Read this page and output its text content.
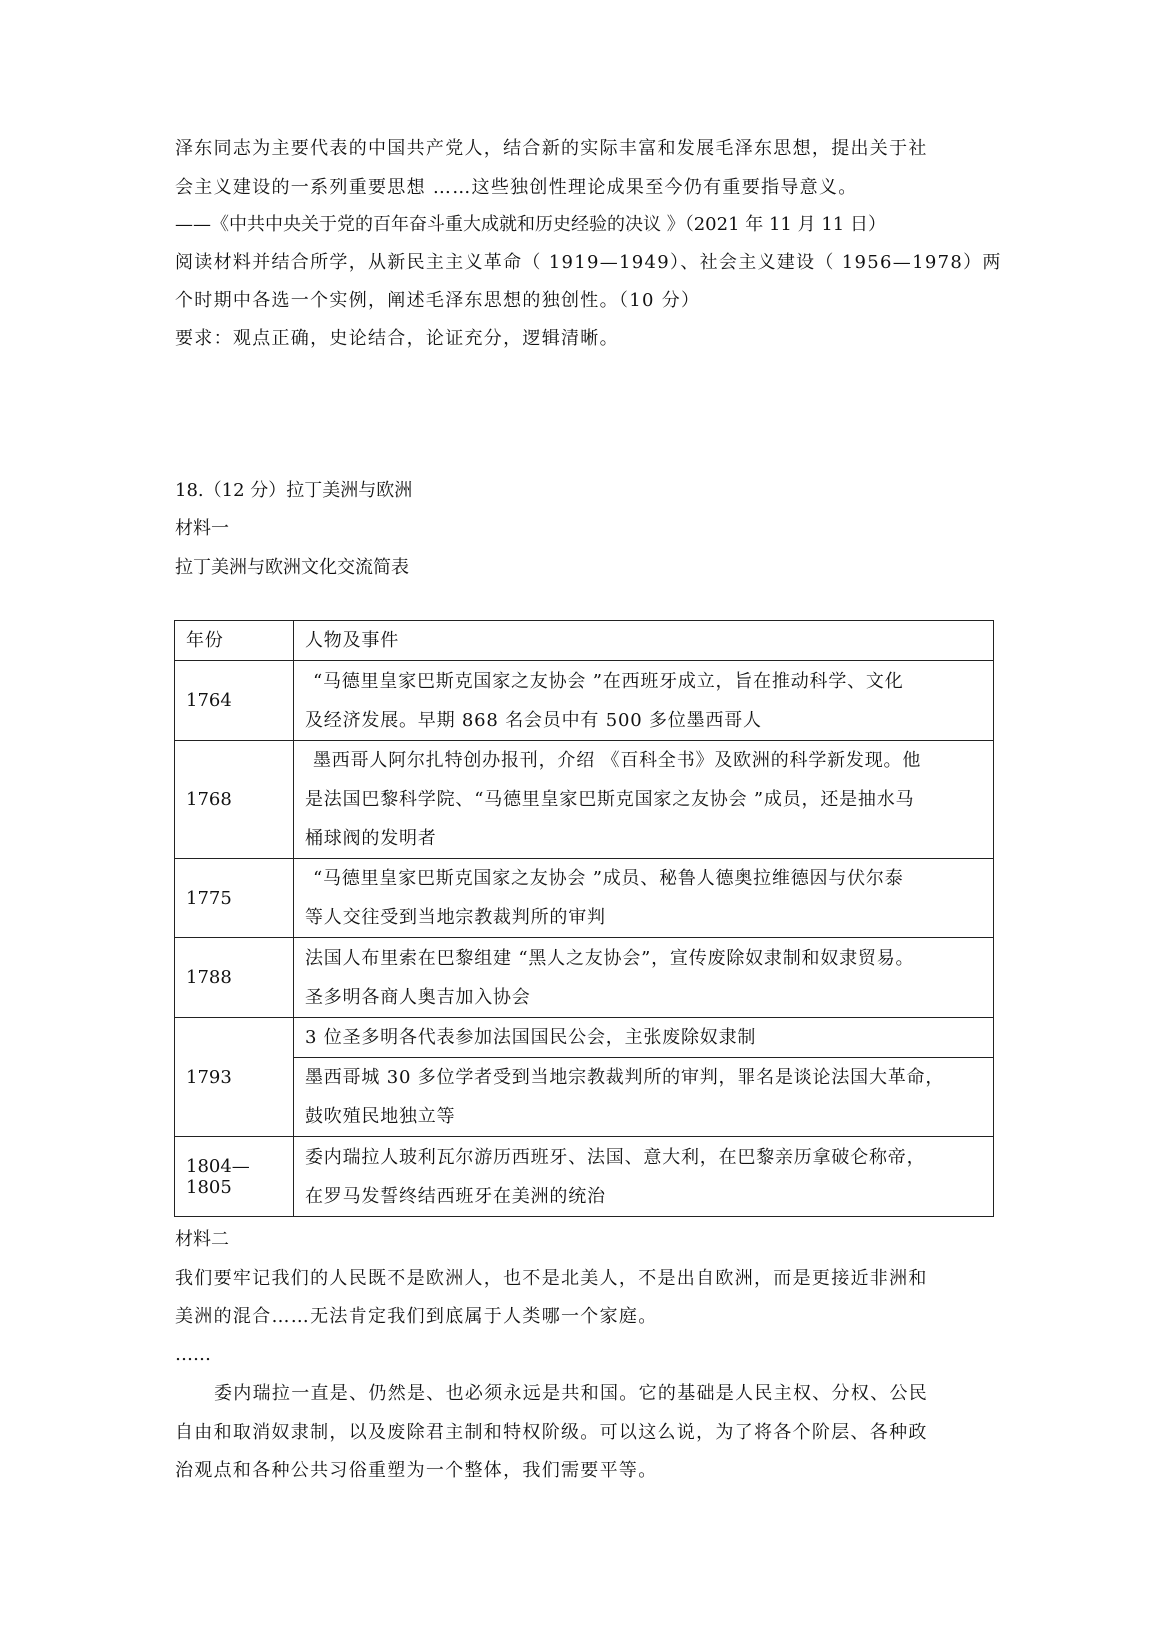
泽东同志为主要代表的中国共产党人，结合新的实际丰富和发展毛泽东思想，提出关于社
会主义建设的一系列重要思想 ……这些独创性理论成果至今仍有重要指导意义。
——《中共中央关于党的百年奋斗重大成就和历史经验的决议 》（2021 年 11 月 11 日）
阅读材料并结合所学，从新民主主义革命（ 1919—1949）、社会主义建设（ 1956—1978）两
个时期中各选一个实例，阐述毛泽东思想的独创性。（10 分）
要求：观点正确，史论结合，论证充分，逻辑清晰。
18.（12 分）拉丁美洲与欧洲
材料一
拉丁美洲与欧洲文化交流简表
年份	人物及事件

1764	“马德里皇家巴斯克国家之友协会 ”在西班牙成立，旨在推动科学、文化
及经济发展。早期 868 名会员中有 500 多位墨西哥人

1768	墨西哥人阿尔扎特创办报刊，介绍 《百科全书》及欧洲的科学新发现。他
是法国巴黎科学院、“马德里皇家巴斯克国家之友协会 ”成员，还是抽水马
桶球阀的发明者

1775	“马德里皇家巴斯克国家之友协会 ”成员、秘鲁人德奥拉维德因与伏尔泰
等人交往受到当地宗教裁判所的审判

1788	法国人布里索在巴黎组建 “黑人之友协会”，宣传废除奴隶制和奴隶贸易。
圣多明各商人奥吉加入协会

1793	3 位圣多明各代表参加法国国民公会，主张废除奴隶制

	墨西哥城 30 多位学者受到当地宗教裁判所的审判，罪名是谈论法国大革命，
鼓吹殖民地独立等

1804—1805	委内瑞拉人玻利瓦尔游历西班牙、法国、意大利，在巴黎亲历拿破仑称帝，
在罗马发誓终结西班牙在美洲的统治
材料二
我们要牢记我们的人民既不是欧洲人，也不是北美人，不是出自欧洲，而是更接近非洲和
美洲的混合……无法肯定我们到底属于人类哪一个家庭。
……
委内瑞拉一直是、仍然是、也必须永远是共和国。它的基础是人民主权、分权、公民
自由和取消奴隶制，以及废除君主制和特权阶级。可以这么说，为了将各个阶层、各种政
治观点和各种公共习俗重塑为一个整体，我们需要平等。
